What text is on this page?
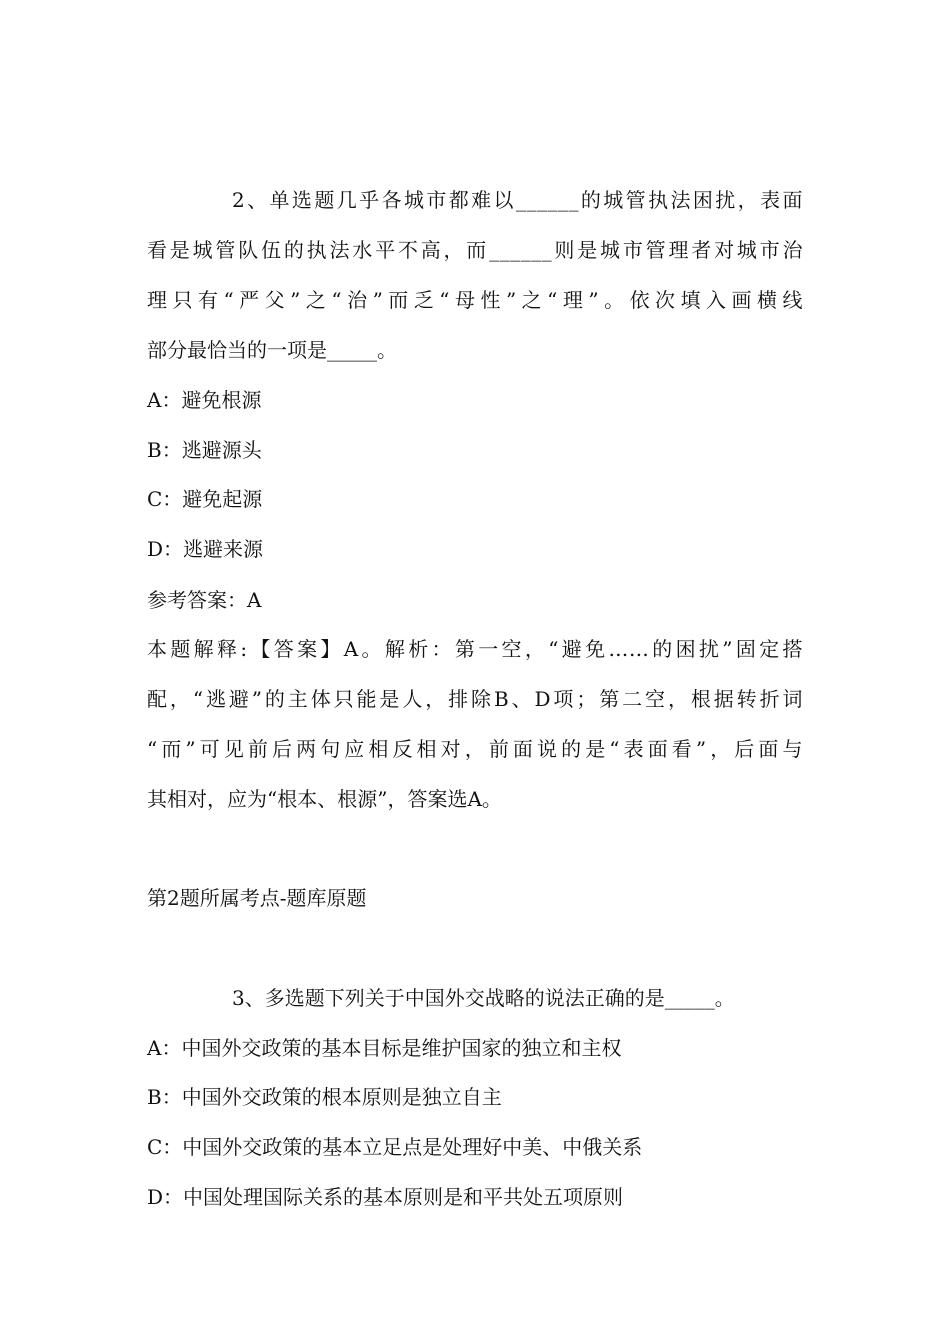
2、单选题几乎各城市都难以______的城管执法困扰，表面
看是城管队伍的执法水平不高，而______则是城市管理者对城市治
理只有“严父”之“治”而乏“母性”之“理”。依次填入画横线
部分最恰当的一项是_____。
A：避免根源
B：逃避源头
C：避免起源
D：逃避来源
参考答案：A
本题解释:【答案】A。解析：第一空，“避免……的困扰”固定搭
配，“逃避”的主体只能是人，排除B、D项；第二空，根据转折词
“而”可见前后两句应相反相对，前面说的是“表面看”，后面与
其相对，应为“根本、根源”，答案选A。
第2题所属考点-题库原题
3、多选题下列关于中国外交战略的说法正确的是_____。
A：中国外交政策的基本目标是维护国家的独立和主权
B：中国外交政策的根本原则是独立自主
C：中国外交政策的基本立足点是处理好中美、中俄关系
D：中国处理国际关系的基本原则是和平共处五项原则
